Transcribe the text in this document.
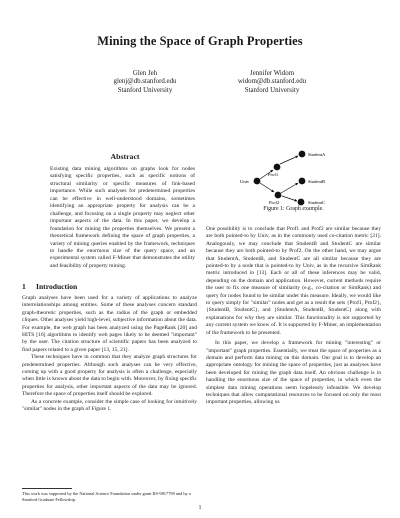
Mining the Space of Graph Properties
Glen Jeh
glenj@db.stanford.edu
Stanford University
Jennifer Widom
widom@db.stanford.edu
Stanford University
Abstract
Existing data mining algorithms on graphs look for nodes satisfying specific properties, such as specific notions of structural similarity or specific measures of link-based importance. While such analyses for predetermined properties can be effective in well-understood domains, sometimes identifying an appropriate property for analysis can be a challenge, and focusing on a single property may neglect other important aspects of the data. In this paper, we develop a foundation for mining the properties themselves. We present a theoretical framework defining the space of graph properties, a variety of mining queries enabled by the framework, techniques to handle the enormous size of the query space, and an experimental system called F-Miner that demonstrates the utility and feasibility of property mining.
1 Introduction

Graph analyses have been used for a variety of applications to analyze interrelationships among entities. Some of these analyses concern standard graph-theoretic properties, such as the radius of the graph or embedded cliques. Other analyses yield high-level, subjective information about the data. For example, the web graph has been analyzed using the PageRank [20] and HITS [16] algorithms to identify web pages likely to be deemed "important" by the user. The citation structure of scientific papers has been analyzed to find papers related to a given paper [13, 15, 21].

These techniques have in common that they analyze graph structures for predetermined properties. Although such analyses can be very effective, coming up with a good property for analysis is often a challenge, especially when little is known about the data to begin with. Moreover, by fixing specific properties for analysis, other important aspects of the data may be ignored. Therefore the space of properties itself should be explored.

As a concrete example, consider the simple case of looking for intuitively "similar" nodes in the graph of Figure 1.

This work was supported by the National Science Foundation under grant IIS-9817799 and by a Stanford Graduate Fellowship.
Univ
Prof1
Prof2
StudentA
StudentB
StudentC
Figure 1: Graph example.

One possibility is to conclude that Prof1 and Prof2 are similar because they are both pointed-to by Univ, as in the commonly used co-citation metric [21]. Analogously, we may conclude that StudentB and StudentC are similar because they are both pointed-to by Prof2. On the other hand, we may argue that StudentA, StudentB, and StudentC are all similar because they are pointed-to by a node that is pointed-to by Univ, as in the recursive SimRank metric introduced in [13]. Each or all of these inferences may be valid, depending on the domain and application. However, current methods require the user to fix one measure of similarity (e.g., co-citation or SimRank) and query for nodes found to be similar under this measure. Ideally, we would like to query simply for "similar" nodes and get as a result the sets {Prof1, Prof2}, {StudentB, StudentC}, and {StudentA, StudentB, StudentC} along with explanations for why they are similar. This functionality is not supported by any current system we know of. It is supported by F-Miner, an implementation of the framework to be presented.

In this paper, we develop a framework for mining "interesting" or "important" graph properties. Essentially, we treat the space of properties as a domain and perform data mining on this domain. Our goal is to develop an appropriate ontology for mining the space of properties, just as analyses have been developed for mining the graph data itself. An obvious challenge is in handling the enormous size of the space of properties, in which even the simplest data mining operations seem hopelessly infeasible. We develop techniques that allow computational resources to be focused on only the most important properties, allowing us

1
